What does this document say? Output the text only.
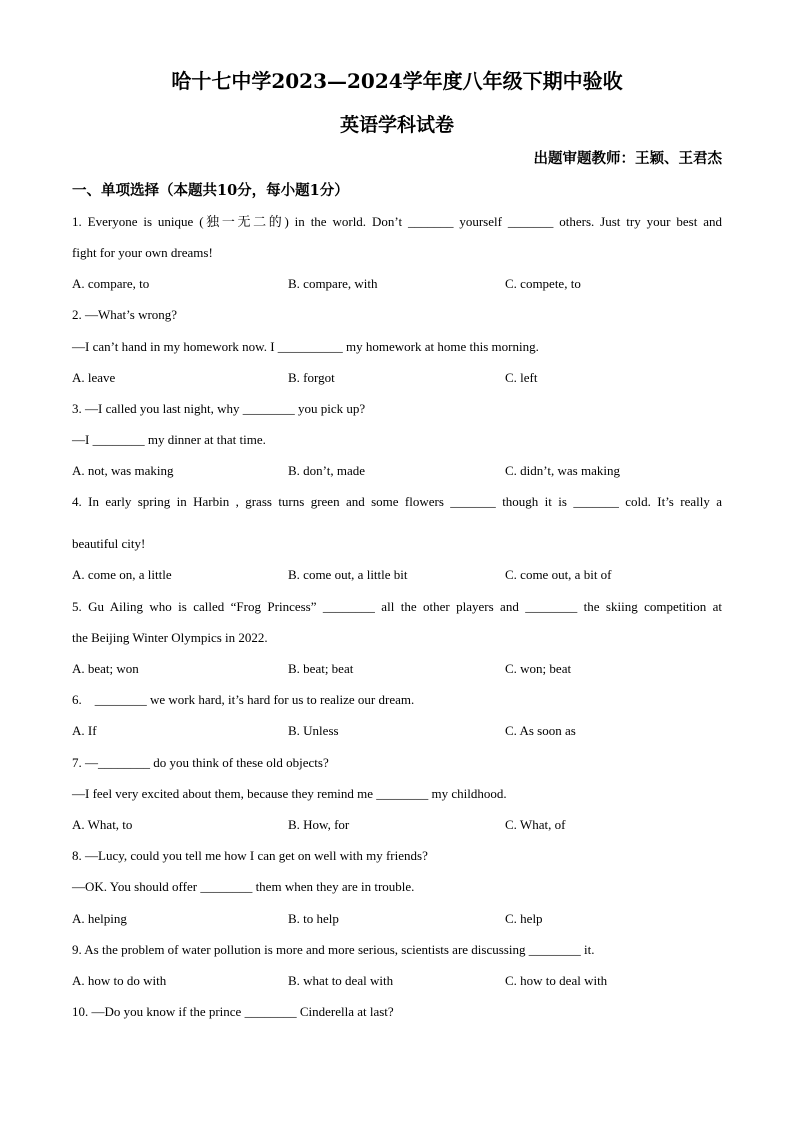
哈十七中学2023—2024学年度八年级下期中验收
英语学科试卷
出题审题教师：王颖、王君杰
一、单项选择（本题共10分，每小题1分）
1. Everyone is unique (独一无二的) in the world. Don’t _______ yourself _______ others. Just try your best and
fight for your own dreams!
A. compare, to	B. compare, with	C. compete, to
2. —What’s wrong?
—I can’t hand in my homework now. I __________ my homework at home this morning.
A. leave	B. forgot	C. left
3. —I called you last night, why ________ you pick up?
—I ________ my dinner at that time.
A. not, was making	B. don’t, made	C. didn’t, was making
4. In early spring in Harbin , grass turns green and some flowers _______ though it is _______ cold. It’s really a
beautiful city!
A. come on, a little	B. come out, a little bit	C. come out, a bit of
5. Gu Ailing who is called “Frog Princess” ________ all the other players and ________ the skiing competition at
the Beijing Winter Olympics in 2022.
A. beat; won	B. beat; beat	C. won; beat
6.    ________ we work hard, it’s hard for us to realize our dream.
A. If	B. Unless	C. As soon as
7. —________ do you think of these old objects?
—I feel very excited about them, because they remind me ________ my childhood.
A. What, to	B. How, for	C. What, of
8. —Lucy, could you tell me how I can get on well with my friends?
—OK. You should offer ________ them when they are in trouble.
A. helping	B. to help	C. help
9. As the problem of water pollution is more and more serious, scientists are discussing ________ it.
A. how to do with	B. what to deal with	C. how to deal with
10. —Do you know if the prince ________ Cinderella at last?
